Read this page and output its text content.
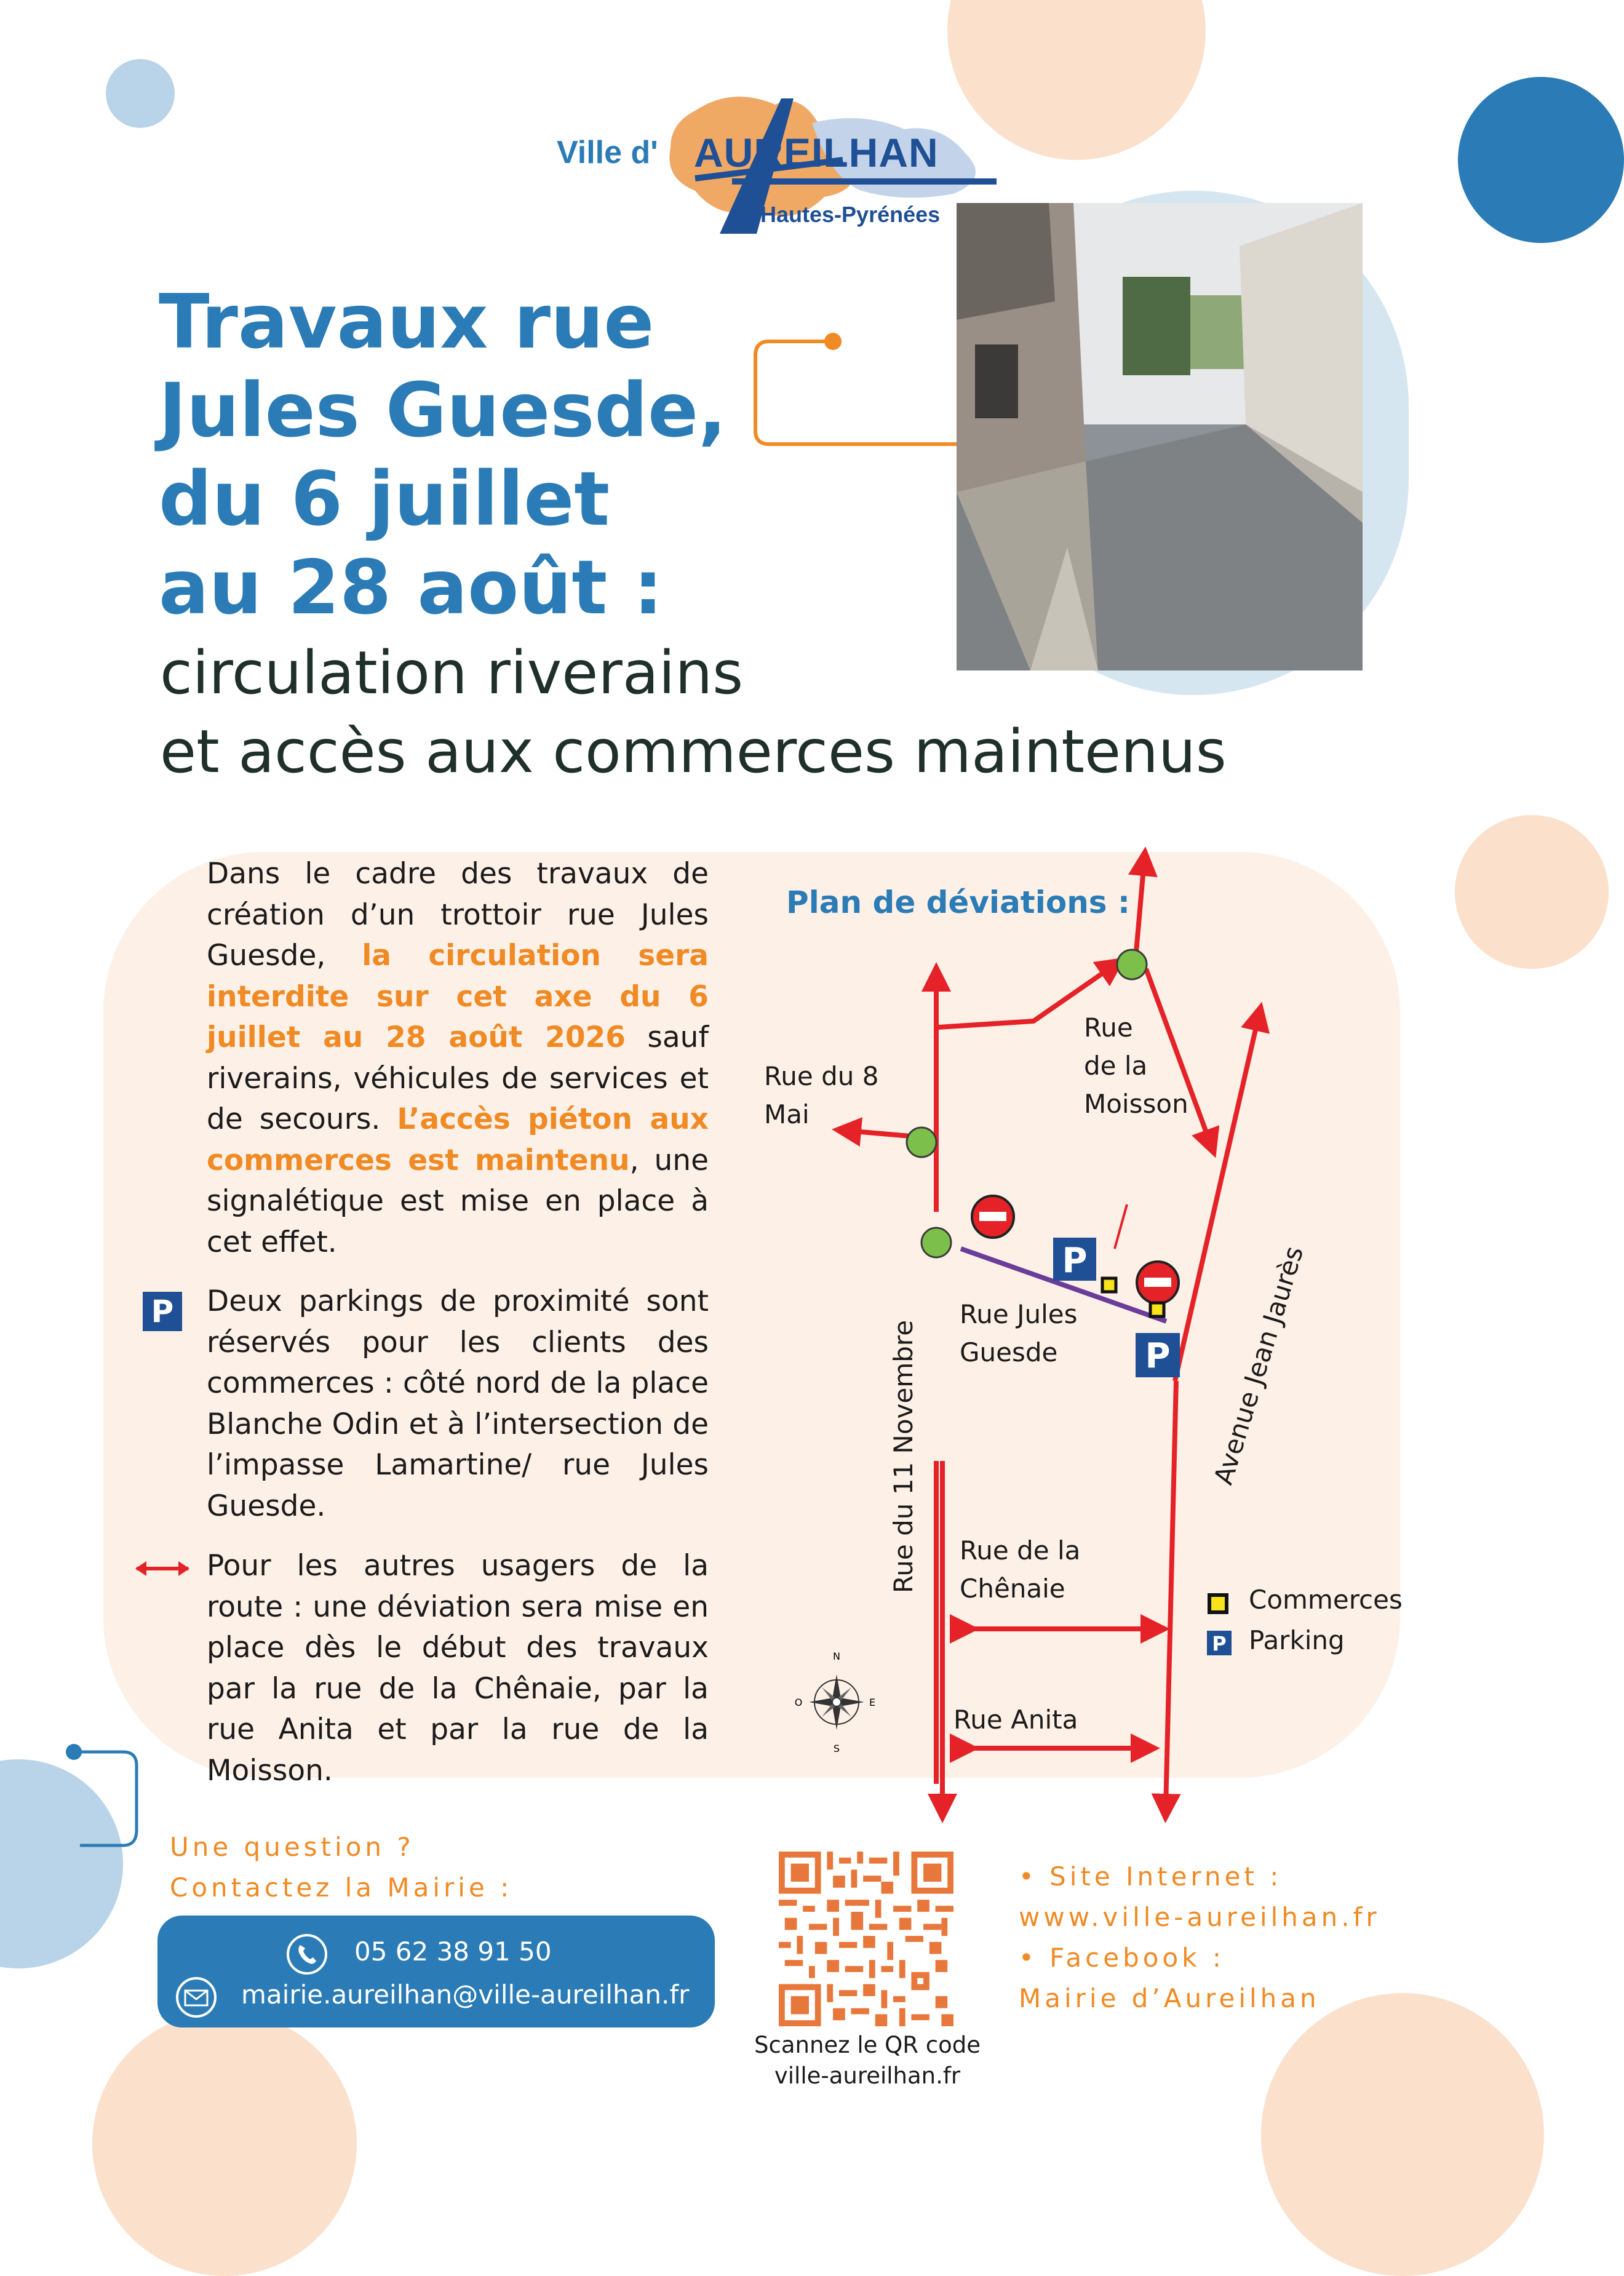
Ville d' AUREILHAN
Hautes-Pyrénées
Travaux rue
Jules Guesde,
du 6 juillet
au 28 août :
circulation riverains
et accès aux commerces maintenus
Dans le cadre des travaux de création d’un trottoir rue Jules Guesde, la circulation sera interdite sur cet axe du 6 juillet au 28 août 2026 sauf riverains, véhicules de services et de secours. L’accès piéton aux commerces est maintenu, une signalétique est mise en place à cet effet.
P Deux parkings de proximité sont réservés pour les clients des commerces : côté nord de la place Blanche Odin et à l’intersection de l’impasse Lamartine/ rue Jules Guesde.
Pour les autres usagers de la route : une déviation sera mise en place dès le début des travaux par la rue de la Chênaie, par la rue Anita et par la rue de la Moisson.
Plan de déviations :
P
P
N
S
E
O
Rue du 8
Mai
Rue
de la
Moisson
Rue Jules
Guesde
Rue du 11 Novembre	Avenue Jean Jaurès
Rue de la
Chênaie
Rue Anita
Commerces
P Parking
Une question ?
Contactez la Mairie :
05 62 38 91 50
mairie.aureilhan@ville-aureilhan.fr
Scannez le QR code
ville-aureilhan.fr
• Site Internet :
www.ville-aureilhan.fr
• Facebook :
Mairie d’Aureilhan
